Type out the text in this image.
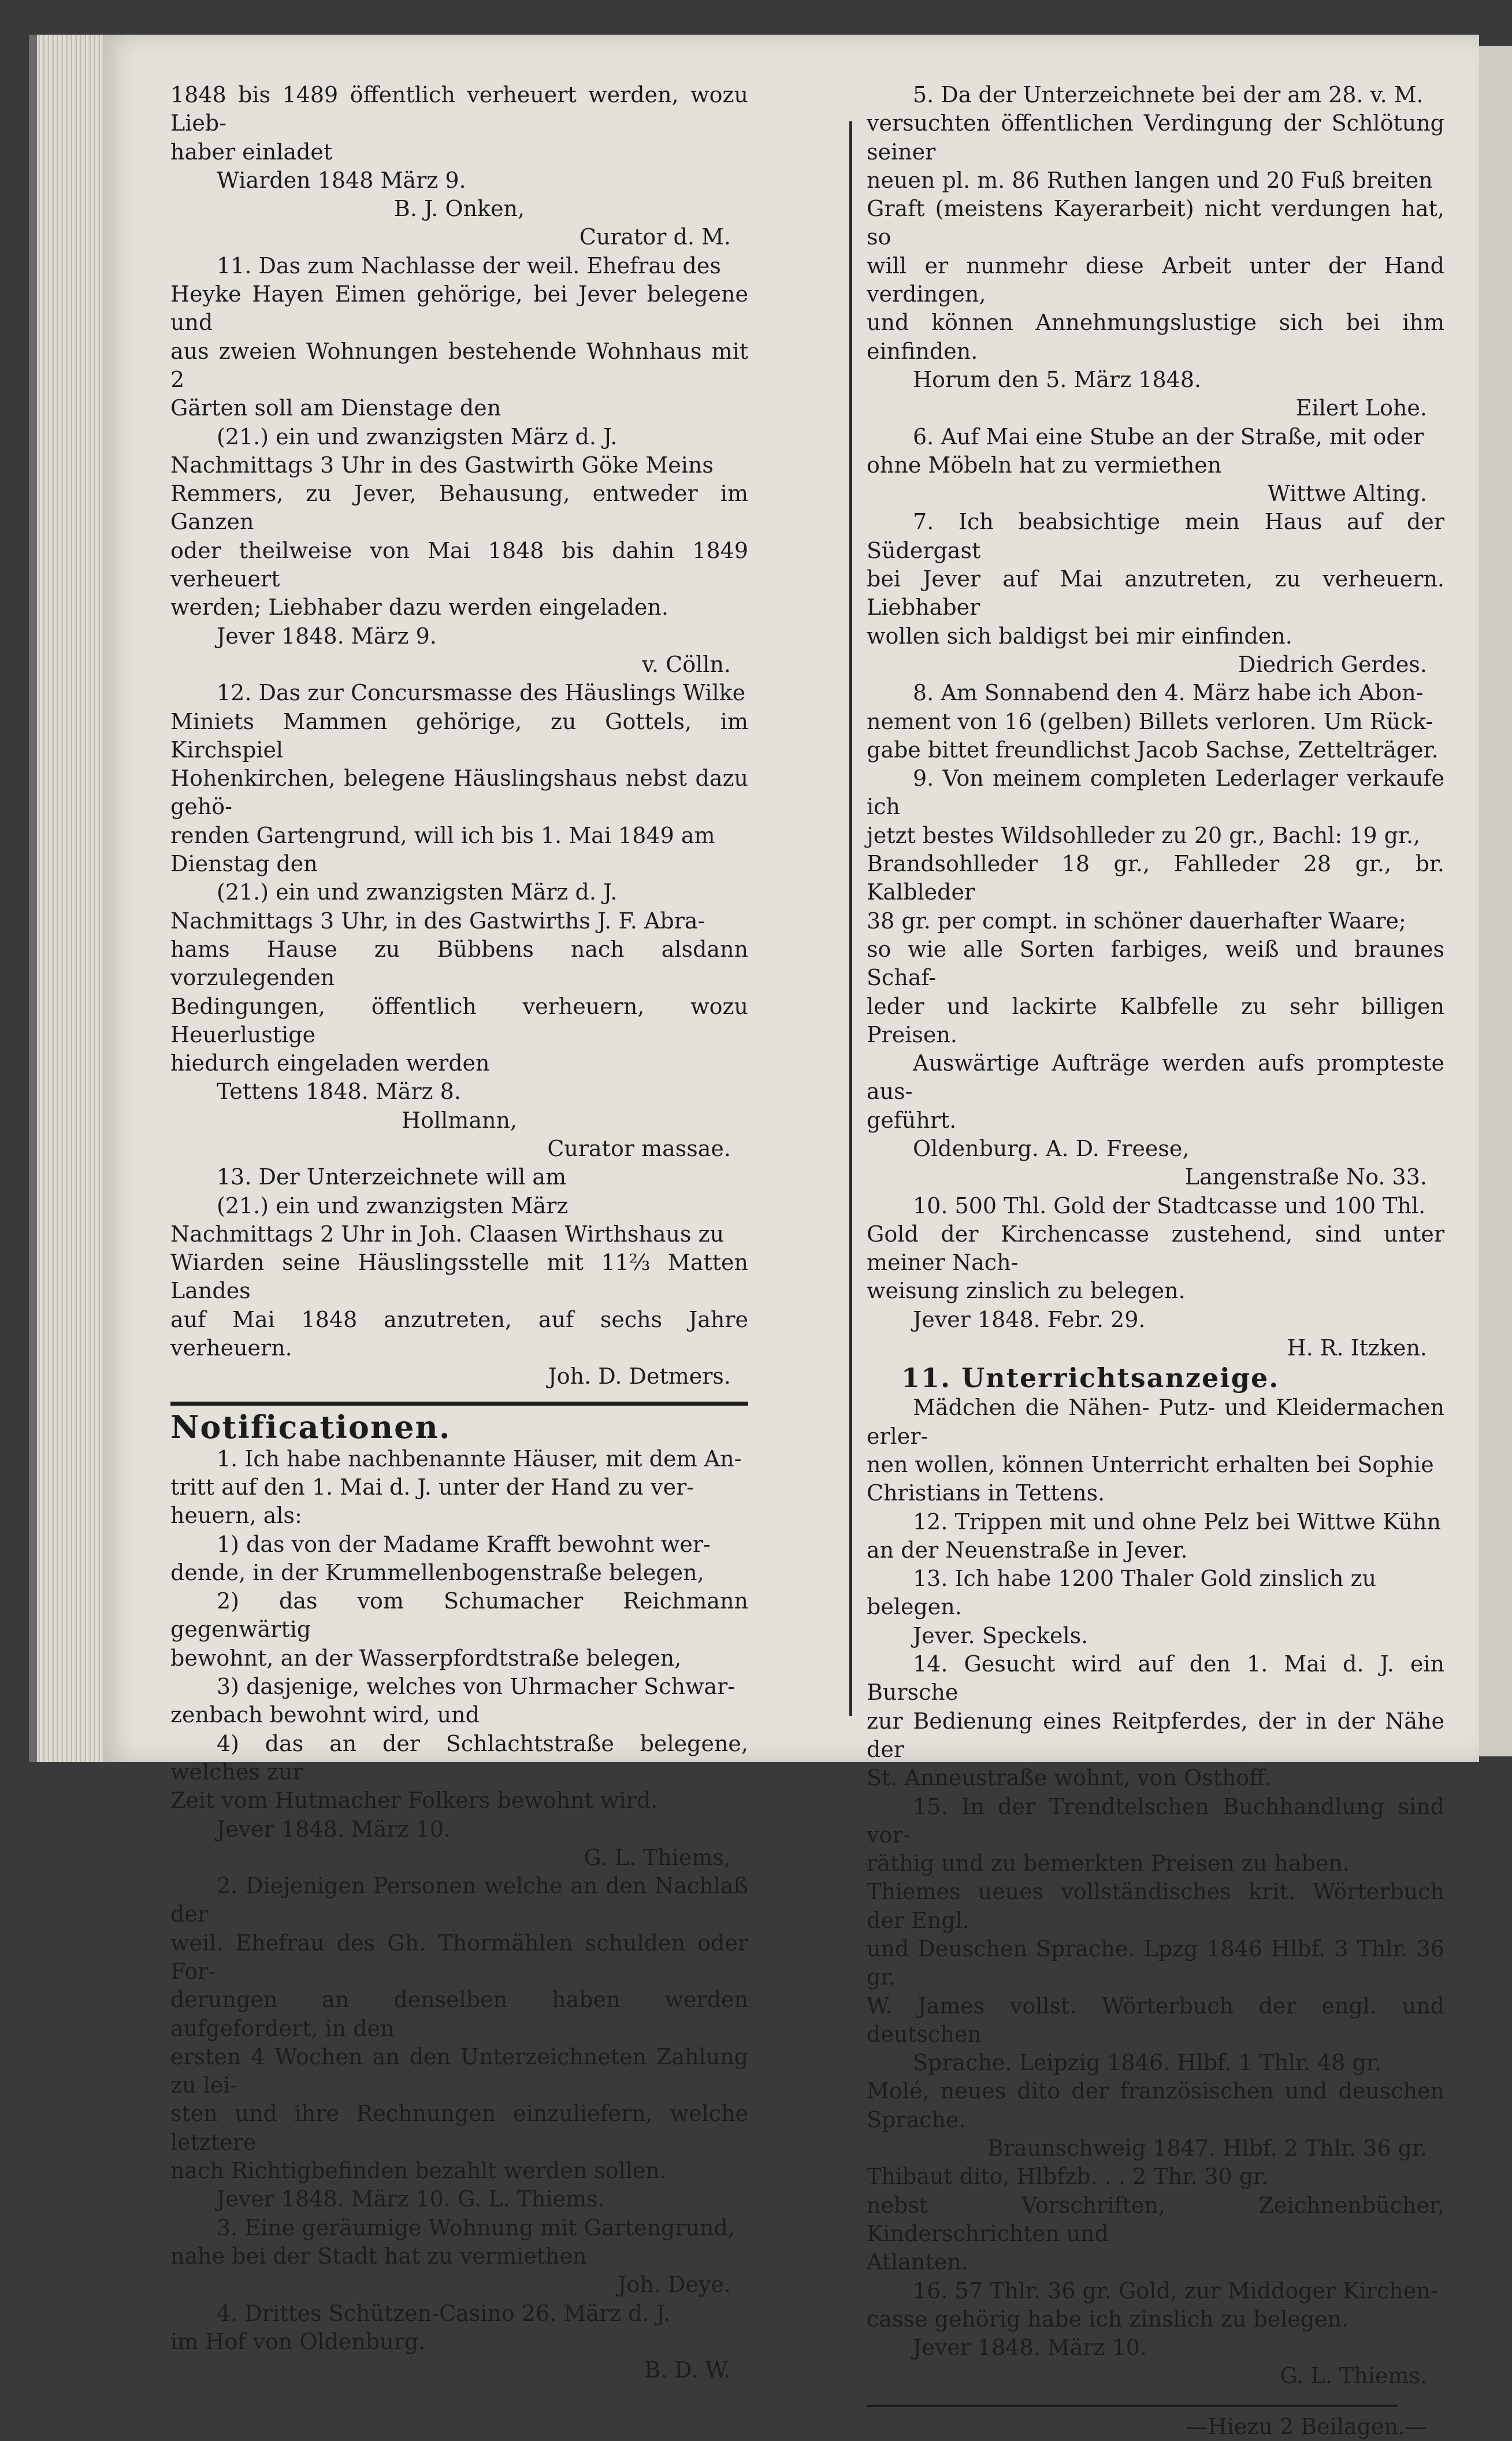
1848 bis 1489 öffentlich verheuert werden, wozu Lieb-

haber einladet

Wiarden 1848 März 9.

B. J. Onken,

Curator d. M.

11. Das zum Nachlasse der weil. Ehefrau des

Heyke Hayen Eimen gehörige, bei Jever belegene und

aus zweien Wohnungen bestehende Wohnhaus mit 2

Gärten soll am Dienstage den

(21.) ein und zwanzigsten März d. J.

Nachmittags 3 Uhr in des Gastwirth Göke Meins

Remmers, zu Jever, Behausung, entweder im Ganzen

oder theilweise von Mai 1848 bis dahin 1849 verheuert

werden; Liebhaber dazu werden eingeladen.

Jever 1848. März 9.

v. Cölln.

12. Das zur Concursmasse des Häuslings Wilke

Miniets Mammen gehörige, zu Gottels, im Kirchspiel

Hohenkirchen, belegene Häuslingshaus nebst dazu gehö-

renden Gartengrund, will ich bis 1. Mai 1849 am

Dienstag den

(21.) ein und zwanzigsten März d. J.

Nachmittags 3 Uhr, in des Gastwirths J. F. Abra-

hams Hause zu Bübbens nach alsdann vorzulegenden

Bedingungen, öffentlich verheuern, wozu Heuerlustige

hiedurch eingeladen werden

Tettens 1848. März 8.

Hollmann,

Curator massae.

13. Der Unterzeichnete will am

(21.) ein und zwanzigsten März

Nachmittags 2 Uhr in Joh. Claasen Wirthshaus zu

Wiarden seine Häuslingsstelle mit 11⅔ Matten Landes

auf Mai 1848 anzutreten, auf sechs Jahre verheuern.

Joh. D. Detmers.

Notificationen.

1. Ich habe nachbenannte Häuser, mit dem An-

tritt auf den 1. Mai d. J. unter der Hand zu ver-

heuern, als:

1) das von der Madame Krafft bewohnt wer-

dende, in der Krummellenbogenstraße belegen,

2) das vom Schumacher Reichmann gegenwärtig

bewohnt, an der Wasserpfordtstraße belegen,

3) dasjenige, welches von Uhrmacher Schwar-

zenbach bewohnt wird, und

4) das an der Schlachtstraße belegene, welches zur

Zeit vom Hutmacher Folkers bewohnt wird.

Jever 1848. März 10.

G. L. Thiems,

2. Diejenigen Personen welche an den Nachlaß der

weil. Ehefrau des Gh. Thormählen schulden oder For-

derungen an denselben haben werden aufgefordert, in den

ersten 4 Wochen an den Unterzeichneten Zahlung zu lei-

sten und ihre Rechnungen einzuliefern, welche letztere

nach Richtigbefinden bezahlt werden sollen.

Jever 1848. März 10. G. L. Thiems.

3. Eine geräumige Wohnung mit Gartengrund,

nahe bei der Stadt hat zu vermiethen

Joh. Deye.

4. Drittes Schützen-Casino 26. März d. J.

im Hof von Oldenburg.

B. D. W.

5. Da der Unterzeichnete bei der am 28. v. M.

versuchten öffentlichen Verdingung der Schlötung seiner

neuen pl. m. 86 Ruthen langen und 20 Fuß breiten

Graft (meistens Kayerarbeit) nicht verdungen hat, so

will er nunmehr diese Arbeit unter der Hand verdingen,

und können Annehmungslustige sich bei ihm einfinden.

Horum den 5. März 1848.

Eilert Lohe.

6. Auf Mai eine Stube an der Straße, mit oder

ohne Möbeln hat zu vermiethen

Wittwe Alting.

7. Ich beabsichtige mein Haus auf der Südergast

bei Jever auf Mai anzutreten, zu verheuern. Liebhaber

wollen sich baldigst bei mir einfinden.

Diedrich Gerdes.

8. Am Sonnabend den 4. März habe ich Abon-

nement von 16 (gelben) Billets verloren. Um Rück-

gabe bittet freundlichst Jacob Sachse, Zettelträger.

9. Von meinem completen Lederlager verkaufe ich

jetzt bestes Wildsohlleder zu 20 gr., Bachl: 19 gr.,

Brandsohlleder 18 gr., Fahlleder 28 gr., br. Kalbleder

38 gr. per compt. in schöner dauerhafter Waare;

so wie alle Sorten farbiges, weiß und braunes Schaf-

leder und lackirte Kalbfelle zu sehr billigen Preisen.

Auswärtige Aufträge werden aufs prompteste aus-

geführt.

Oldenburg. A. D. Freese,

Langenstraße No. 33.

10. 500 Thl. Gold der Stadtcasse und 100 Thl.

Gold der Kirchencasse zustehend, sind unter meiner Nach-

weisung zinslich zu belegen.

Jever 1848. Febr. 29.

H. R. Itzken.

11. Unterrichtsanzeige.

Mädchen die Nähen- Putz- und Kleidermachen erler-

nen wollen, können Unterricht erhalten bei Sophie

Christians in Tettens.

12. Trippen mit und ohne Pelz bei Wittwe Kühn

an der Neuenstraße in Jever.

13. Ich habe 1200 Thaler Gold zinslich zu

belegen.

Jever. Speckels.

14. Gesucht wird auf den 1. Mai d. J. ein Bursche

zur Bedienung eines Reitpferdes, der in der Nähe der

St. Anneustraße wohnt, von Osthoff.

15. In der Trendtelschen Buchhandlung sind vor-

räthig und zu bemerkten Preisen zu haben.

Thiemes ueues vollständisches krit. Wörterbuch der Engl.

und Deuschen Sprache. Lpzg 1846 Hlbf. 3 Thlr. 36 gr.

W. James vollst. Wörterbuch der engl. und deutschen

Sprache. Leipzig 1846. Hlbf. 1 Thlr. 48 gr.

Molé, neues dito der französischen und deuschen Sprache.

Braunschweig 1847. Hlbf. 2 Thlr. 36 gr.

Thibaut dito, Hlbfzb. . . 2 Thr. 30 gr.

nebst Vorschriften, Zeichnenbücher, Kinderschrichten und

Atlanten.

16. 57 Thlr. 36 gr. Gold, zur Middoger Kirchen-

casse gehörig habe ich zinslich zu belegen.

Jever 1848. März 10.

G. L. Thiems.

—Hiezu 2 Beilagen.—
